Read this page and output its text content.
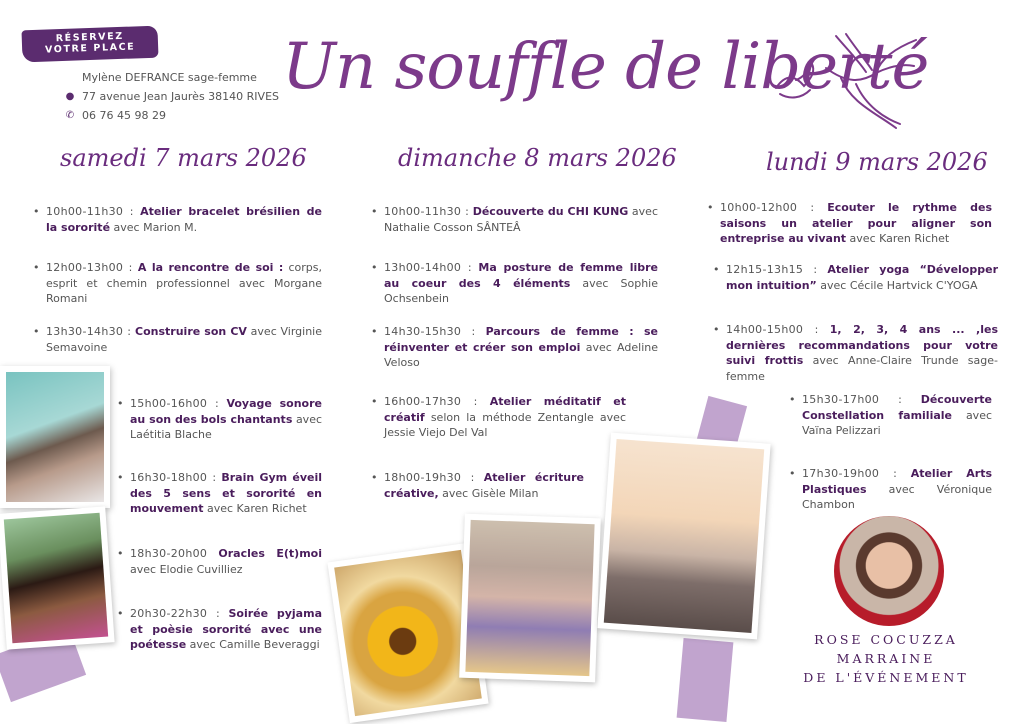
RÉSERVEZ
VOTRE PLACE
Mylène DEFRANCE sage-femme
● 77 avenue Jean Jaurès 38140 RIVES
✆ 06 76 45 98 29
Un souffle de liberté
samedi 7 mars 2026	dimanche 8 mars 2026	lundi 9 mars 2026
• 10h00-11h30 : Atelier bracelet brésilien de la sororité avec Marion M.
• 12h00-13h00 : A la rencontre de soi : corps, esprit et chemin professionnel avec Morgane Romani
• 13h30-14h30 : Construire son CV avec Virginie Semavoine
• 15h00-16h00 : Voyage sonore au son des bols chantants avec Laétitia Blache
• 16h30-18h00 : Brain Gym éveil des 5 sens et sororité en mouvement avec Karen Richet
• 18h30-20h00 Oracles E(t)moi avec Elodie Cuvilliez
• 20h30-22h30 : Soirée pyjama et poèsie sororité avec une poétesse avec Camille Beveraggi
• 10h00-11h30 : Découverte du CHI KUNG avec Nathalie Cosson SÂNTEÂ
• 13h00-14h00 : Ma posture de femme libre au coeur des 4 éléments avec Sophie Ochsenbein
• 14h30-15h30 : Parcours de femme : se réinventer et créer son emploi avec Adeline Veloso
• 16h00-17h30 : Atelier méditatif et créatif selon la méthode Zentangle avec Jessie Viejo Del Val
• 18h00-19h30 : Atelier écriture créative, avec Gisèle Milan
• 10h00-12h00 : Ecouter le rythme des saisons un atelier pour aligner son entreprise au vivant avec Karen Richet
• 12h15-13h15 : Atelier yoga “Développer mon intuition” avec Cécile Hartvick C'YOGA
• 14h00-15h00 : 1, 2, 3, 4 ans ... ,les dernières recommandations pour votre suivi frottis avec Anne-Claire Trunde sage-femme
• 15h30-17h00 : Découverte Constellation familiale avec Vaïna Pelizzari
• 17h30-19h00 : Atelier Arts Plastiques avec Véronique Chambon
ROSE COCUZZA
MARRAINE
DE L'ÉVÉNEMENT
